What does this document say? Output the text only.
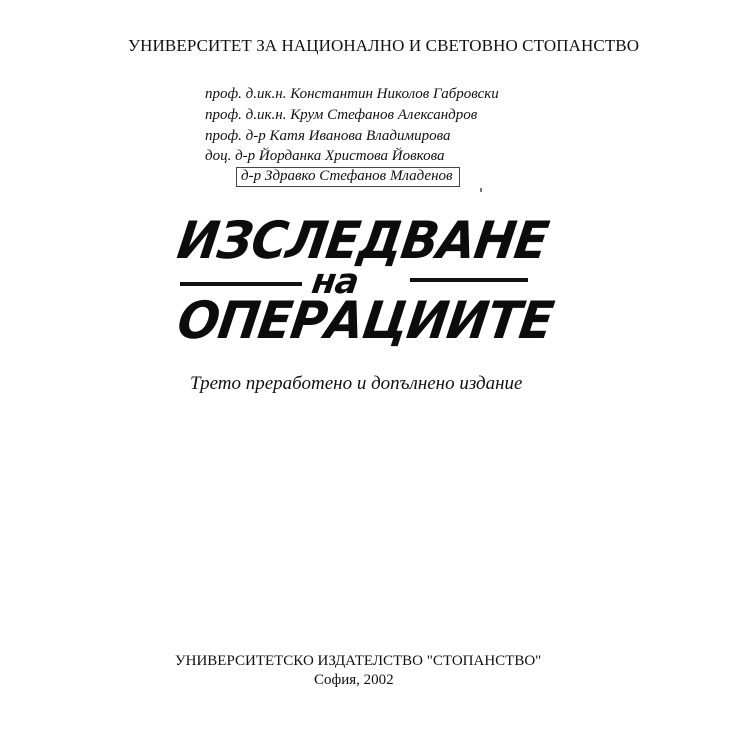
УНИВЕРСИТЕТ ЗА НАЦИОНАЛНО И СВЕТОВНО СТОПАНСТВО
проф. д.ик.н. Константин Николов Габровски
проф. д.ик.н. Крум Стефанов Александров
проф. д-р Катя Иванова Владимирова
доц. д-р Йорданка Христова Йовкова
д-р Здравко Стефанов Младенов
ИЗСЛЕДВАНЕ
на
ОПЕРАЦИИТЕ
Трето преработено и допълнено издание
УНИВЕРСИТЕТСКО ИЗДАТЕЛСТВО "СТОПАНСТВО"
София, 2002
